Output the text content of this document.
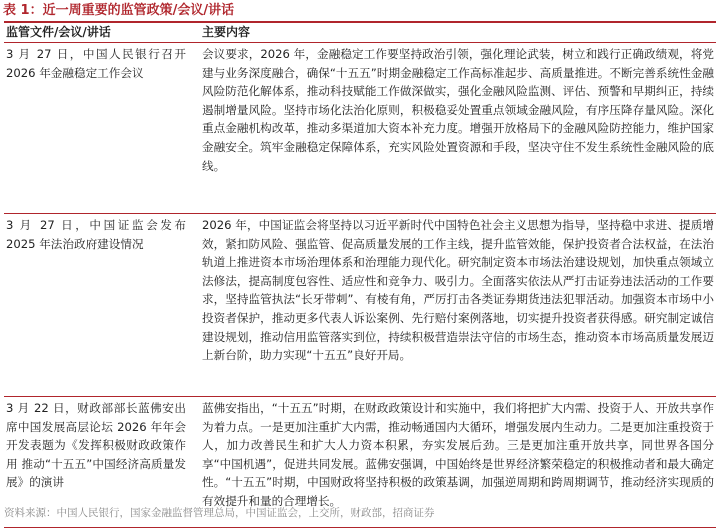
表 1：近一周重要的监管政策/会议/讲话
监管文件/会议/讲话	主要内容
3 月 27 日，中国人民银行召开 2026 年金融稳定工作会议
会议要求，2026 年，金融稳定工作要坚持政治引领，强化理论武装，树立和践行正确政绩观，将党建与业务深度融合，确保“十五五”时期金融稳定工作高标准起步、高质量推进。不断完善系统性金融风险防范化解体系，推动科技赋能工作做深做实，强化金融风险监测、评估、预警和早期纠正，持续遏制增量风险。坚持市场化法治化原则，积极稳妥处置重点领域金融风险，有序压降存量风险。深化重点金融机构改革，推动多渠道加大资本补充力度。增强开放格局下的金融风险防控能力，维护国家金融安全。筑牢金融稳定保障体系，充实风险处置资源和手段，坚决守住不发生系统性金融风险的底线。
3 月 27 日，中国证监会发布 2025 年法治政府建设情况
2026 年，中国证监会将坚持以习近平新时代中国特色社会主义思想为指导，坚持稳中求进、提质增效，紧扣防风险、强监管、促高质量发展的工作主线，提升监管效能，保护投资者合法权益，在法治轨道上推进资本市场治理体系和治理能力现代化。研究制定资本市场法治建设规划，加快重点领域立法修法，提高制度包容性、适应性和竞争力、吸引力。全面落实依法从严打击证券违法活动的工作要求，坚持监管执法“长牙带刺”、有棱有角，严厉打击各类证券期货违法犯罪活动。加强资本市场中小投资者保护，推动更多代表人诉讼案例、先行赔付案例落地，切实提升投资者获得感。研究制定诚信建设规划，推动信用监管落实到位，持续积极营造崇法守信的市场生态，推动资本市场高质量发展迈上新台阶，助力实现“十五五”良好开局。
3 月 22 日，财政部部长蓝佛安出席中国发展高层论坛 2026 年年会开发表题为《发挥积极财政政策作用 推动“十五五”中国经济高质量发展》的演讲
蓝佛安指出，“十五五”时期，在财政政策设计和实施中，我们将把扩大内需、投资于人、开放共享作为着力点。一是更加注重扩大内需，推动畅通国内大循环，增强发展内生动力。二是更加注重投资于人，加力改善民生和扩大人力资本积累，夯实发展后劲。三是更加注重开放共享，同世界各国分享“中国机遇”，促进共同发展。蓝佛安强调，中国始终是世界经济繁荣稳定的积极推动者和最大确定性。“十五五”时期，中国财政将坚持积极的政策基调，加强逆周期和跨周期调节，推动经济实现质的有效提升和量的合理增长。
资料来源：中国人民银行，国家金融监督管理总局，中国证监会，上交所，财政部，招商证券
